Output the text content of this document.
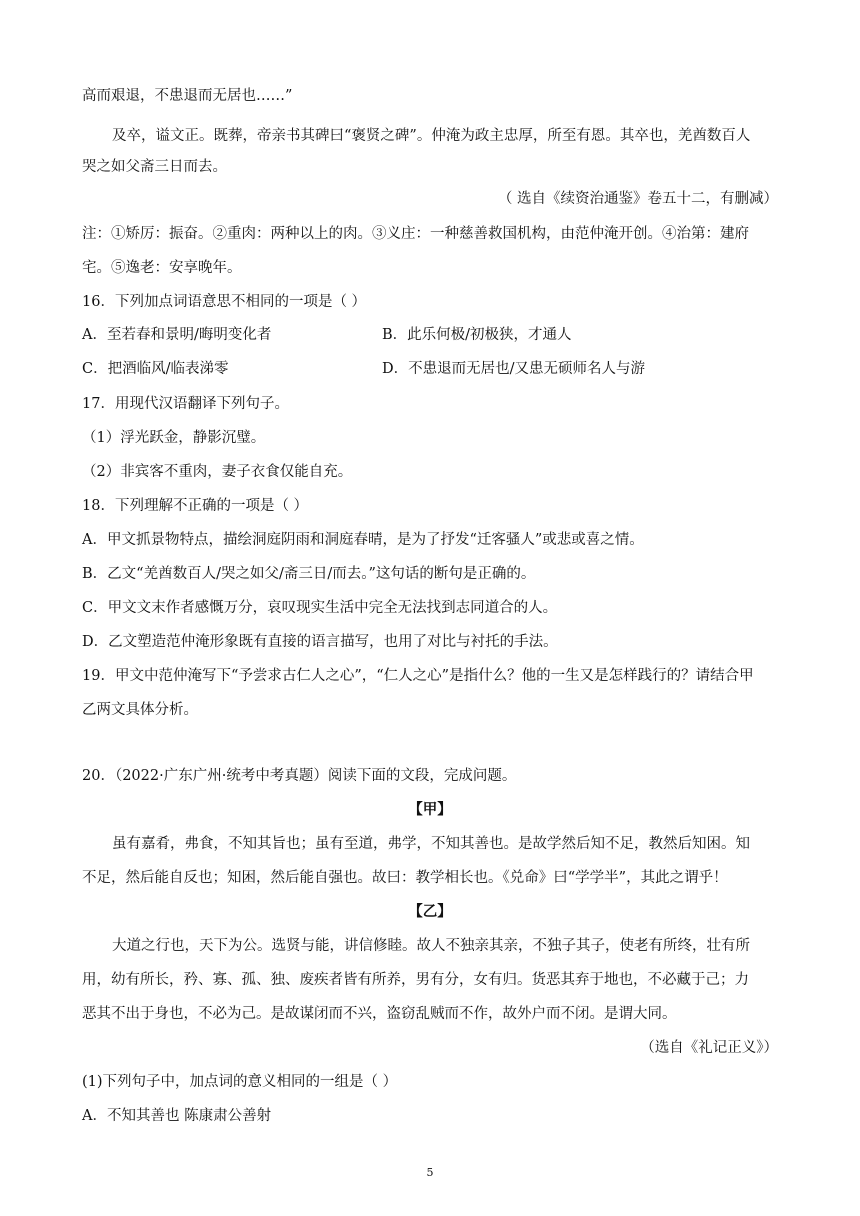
高而艰退，不患退而无居也……”
及卒，谥文正。既葬，帝亲书其碑曰“褒贤之碑”。仲淹为政主忠厚，所至有恩。其卒也，羌酋数百人
哭之如父斋三日而去。
（ 选自《续资治通鉴》卷五十二，有删减）
注：①矫厉：振奋。②重肉：两种以上的肉。③义庄：一种慈善救国机构，由范仲淹开创。④治第：建府
宅。⑤逸老：安享晚年。
16．下列加点词语意思不相同的一项是（ ）
A．至若春和景明/晦明变化者	B．此乐何极/初极狭，才通人
C．把酒临风/临表涕零	D．不患退而无居也/又患无硕师名人与游
17．用现代汉语翻译下列句子。
（1）浮光跃金，静影沉璧。
（2）非宾客不重肉，妻子衣食仅能自充。
18．下列理解不正确的一项是（ ）
A．甲文抓景物特点，描绘洞庭阴雨和洞庭春晴，是为了抒发“迁客骚人”或悲或喜之情。
B．乙文“羌酋数百人/哭之如父/斋三日/而去。”这句话的断句是正确的。
C．甲文文末作者感慨万分，哀叹现实生活中完全无法找到志同道合的人。
D．乙文塑造范仲淹形象既有直接的语言描写，也用了对比与衬托的手法。
19．甲文中范仲淹写下“予尝求古仁人之心”，“仁人之心”是指什么？他的一生又是怎样践行的？请结合甲
乙两文具体分析。
20．（2022·广东广州·统考中考真题）阅读下面的文段，完成问题。
【甲】
虽有嘉肴，弗食，不知其旨也；虽有至道，弗学，不知其善也。是故学然后知不足，教然后知困。知
不足，然后能自反也；知困，然后能自强也。故曰：教学相长也。《兑命》曰“学学半”，其此之谓乎！
【乙】
大道之行也，天下为公。选贤与能，讲信修睦。故人不独亲其亲，不独子其子，使老有所终，壮有所
用，幼有所长，矜、寡、孤、独、废疾者皆有所养，男有分，女有归。货恶其弃于地也，不必藏于己；力
恶其不出于身也，不必为己。是故谋闭而不兴，盗窃乱贼而不作，故外户而不闭。是谓大同。
（选自《礼记正义》）
(1)下列句子中，加点词的意义相同的一组是（ ）
A．不知其善也 陈康肃公善射
5
